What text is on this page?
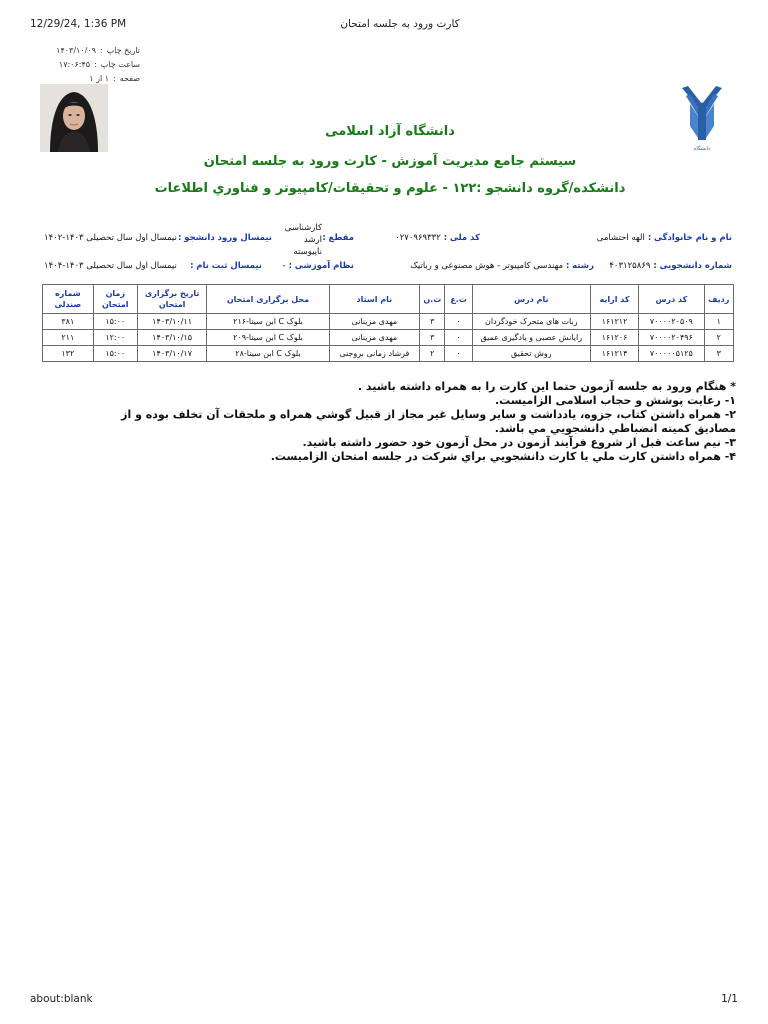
12/29/24, 1:36 PM	کارت ورود به جلسه امتحان
تاریخ چاپ
:
۱۴۰۳/۱۰/۰۹
ساعت چاپ
:
۱۷:۰۶:۴۵
صفحه
:
۱ از ۱
دانشگاه
دانشگاه آزاد اسلامی
سیستم جامع مدیریت آموزش - کارت ورود به جلسه امتحان
دانشکده/گروه دانشجو :۱۲۲ - علوم و تحقیقات/کامپیوتر و فناوري اطلاعات
نام و نام خانوادگی : الهه احتشامی
کد ملی : ۰۲۷۰۹۶۹۳۳۲
مقطع :
کارشناسی ارشد ناپیوسته
نیمسال ورود دانشجو :
نیمسال اول سال تحصیلی ۱۴۰۳-۱۴۰۲
شماره دانشجویی : ۴۰۳۱۲۵۸۶۹
رشته : مهندسی کامپیوتر - هوش مصنوعی و رباتیک
نظام آموزشی : -
نیمسال ثبت نام :
نیمسال اول سال تحصیلی ۱۴۰۳-۱۴۰۴
ردیف	کد درس	کد ارایه	نام درس	ت.ع	ت.ن	نام استاد	محل برگزاری امتحان	تاریخ برگزاری امتحان	زمان امتحان	شماره صندلی
۱	۷۰۰۰۰۲۰۵۰۹	۱۶۱۲۱۲	ربات های متحرک خودگردان	۰	۳	مهدی مزینانی	بلوک C ابن سینا-۲۱۶	۱۴۰۳/۱۰/۱۱	۱۵:۰۰	۳۸۱
۲	۷۰۰۰۰۲۰۴۹۶	۱۶۱۲۰۶	رایانش عصبی و یادگیری عمیق	۰	۳	مهدی مزینانی	بلوک C ابن سینا-۲۰۹	۱۴۰۳/۱۰/۱۵	۱۲:۰۰	۲۱۱
۳	۷۰۰۰۰۰۵۱۲۵	۱۶۱۲۱۴	روش تحقیق	۰	۲	فرشاد زمانی بروجنی	بلوک C ابن سینا-۲۸	۱۴۰۳/۱۰/۱۷	۱۵:۰۰	۱۳۲
* هنگام ورود به جلسه آزمون حتما این کارت را به همراه داشته باشید .
۱- رعایت پوشش و حجاب اسلامی الزامیست.
۲- همراه داشتن کتاب، جزوه، یادداشت و سایر وسایل غیر مجاز از قبیل گوشي همراه و ملحقات آن تخلف بوده و از مصادیق کمیته انضباطي دانشجويي مي باشد.
۳- نیم ساعت قبل از شروع فرآیند آزمون در محل آزمون خود حضور داشته باشید.
۴- همراه داشتن کارت ملي یا کارت دانشجويي براي شرکت در جلسه امتحان الزامیست.
about:blank	1/1
